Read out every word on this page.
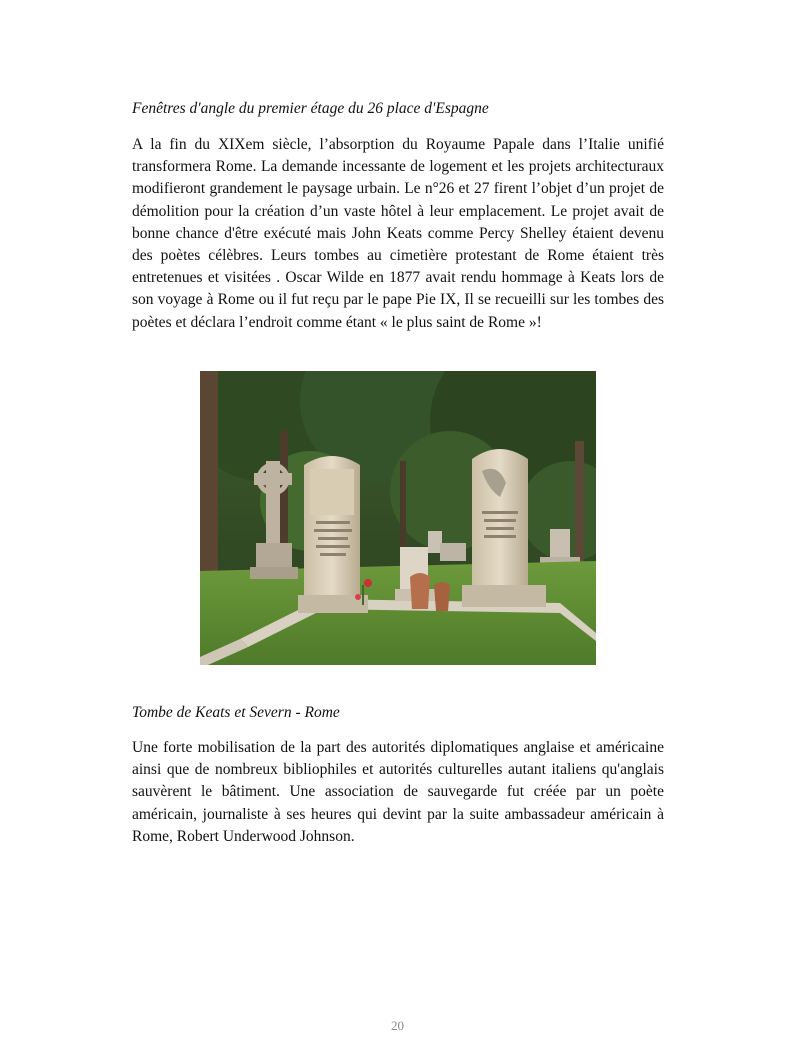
Fenêtres d'angle du premier étage du 26 place d'Espagne

A la fin du XIXem siècle, l’absorption du Royaume Papale dans l’Italie unifié transformera Rome. La demande incessante de logement et les projets architecturaux modifieront grandement le paysage urbain. Le n°26 et 27 firent l’objet d’un projet de démolition pour la création d’un vaste hôtel à leur emplacement. Le projet avait de bonne chance d'être exécuté mais John Keats comme Percy Shelley étaient devenu des poètes célèbres. Leurs tombes au cimetière protestant de Rome étaient très entretenues et visitées . Oscar Wilde en 1877 avait rendu hommage à Keats lors de son voyage à Rome ou il fut reçu par le pape Pie IX, Il se recueilli sur les tombes des poètes et déclara l’endroit comme étant « le plus saint de Rome »!

Tombe de Keats et Severn - Rome

Une forte mobilisation de la part des autorités diplomatiques anglaise et américaine ainsi que de nombreux bibliophiles et autorités culturelles autant italiens qu'anglais sauvèrent le bâtiment. Une association de sauvegarde fut créée par un poète américain, journaliste à ses heures qui devint par la suite ambassadeur américain à Rome, Robert Underwood Johnson.

20
